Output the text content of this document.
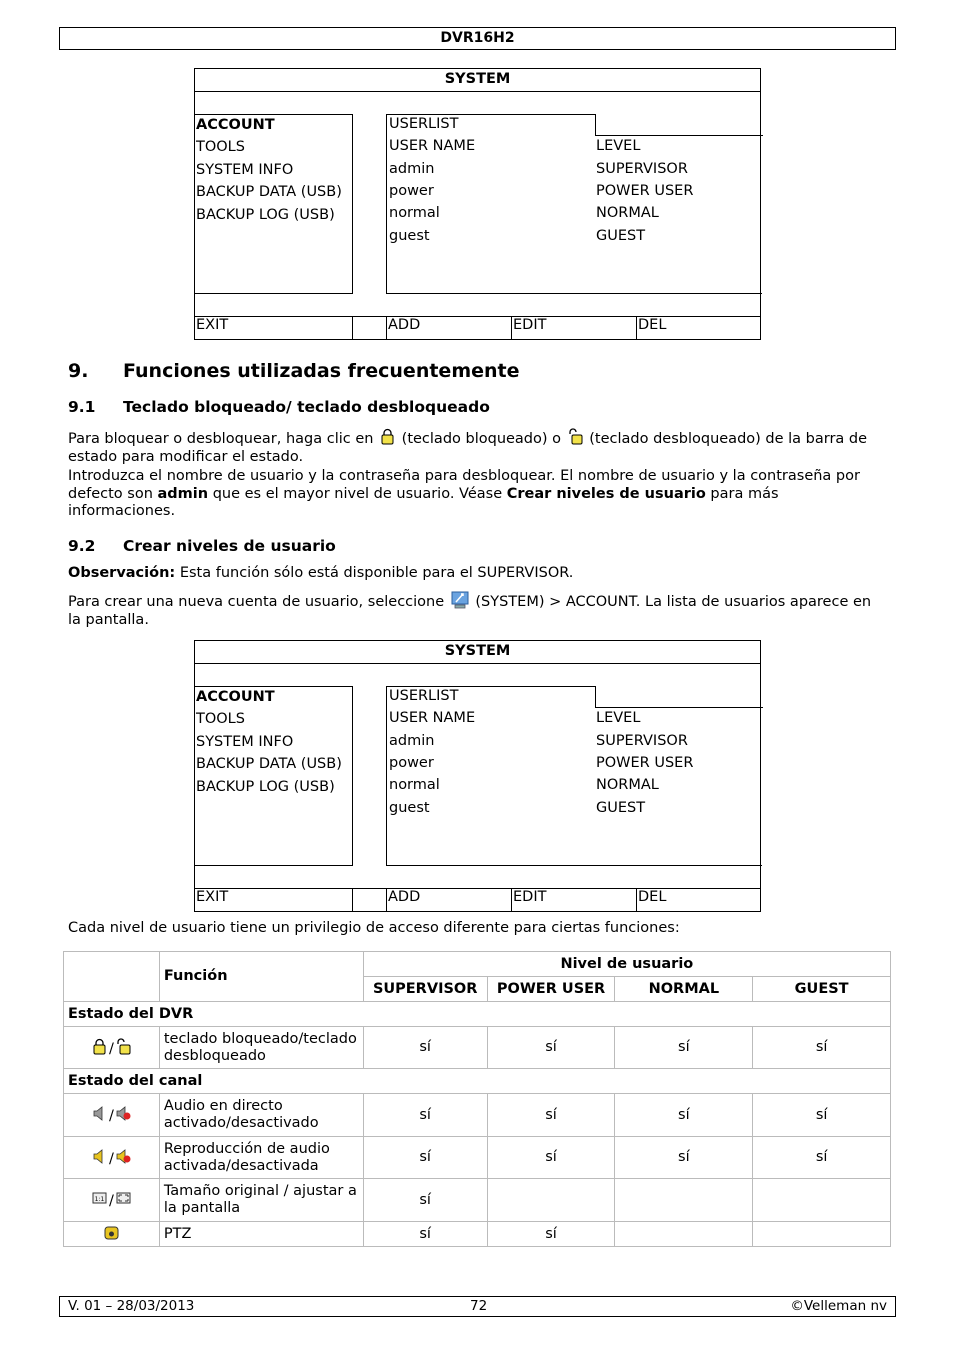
DVR16H2
SYSTEM
ACCOUNT
TOOLS
SYSTEM INFO
BACKUP DATA (USB)
BACKUP LOG (USB)
USERLIST
USER NAME	LEVEL
admin	SUPERVISOR
power	POWER USER
normal	NORMAL
guest	GUEST
EXIT	ADD	EDIT	DEL
9. Funciones utilizadas frecuentemente
9.1 Teclado bloqueado/ teclado desbloqueado

Para bloquear o desbloquear, haga clic en (teclado bloqueado) o (teclado desbloqueado) de la barra de estado para modificar el estado.

Introduzca el nombre de usuario y la contraseña para desbloquear. El nombre de usuario y la contraseña por defecto son admin que es el mayor nivel de usuario. Véase Crear niveles de usuario para más informaciones.

9.2 Crear niveles de usuario

Observación: Esta función sólo está disponible para el SUPERVISOR.

Para crear una nueva cuenta de usuario, seleccione (SYSTEM) > ACCOUNT. La lista de usuarios aparece en la pantalla.

SYSTEM
ACCOUNT
TOOLS
SYSTEM INFO
BACKUP DATA (USB)
BACKUP LOG (USB)
USERLIST
USER NAME	LEVEL
admin	SUPERVISOR
power	POWER USER
normal	NORMAL
guest	GUEST
EXIT	ADD	EDIT	DEL

Cada nivel de usuario tiene un privilegio de acceso diferente para ciertas funciones:

	Función	Nivel de usuario			
		SUPERVISOR	POWER USER	NORMAL	GUEST
Estado del DVR					
/	teclado bloqueado/teclado desbloqueado	sí	sí	sí	sí
Estado del canal					
/	Audio en directo activado/desactivado	sí	sí	sí	sí
/	Reproducción de audio activada/desactivada	sí	sí	sí	sí

1:1 /	Tamaño original / ajustar a la pantalla	sí			
	PTZ	sí	sí		
V. 01 – 28/03/2013	72	©Velleman nv
